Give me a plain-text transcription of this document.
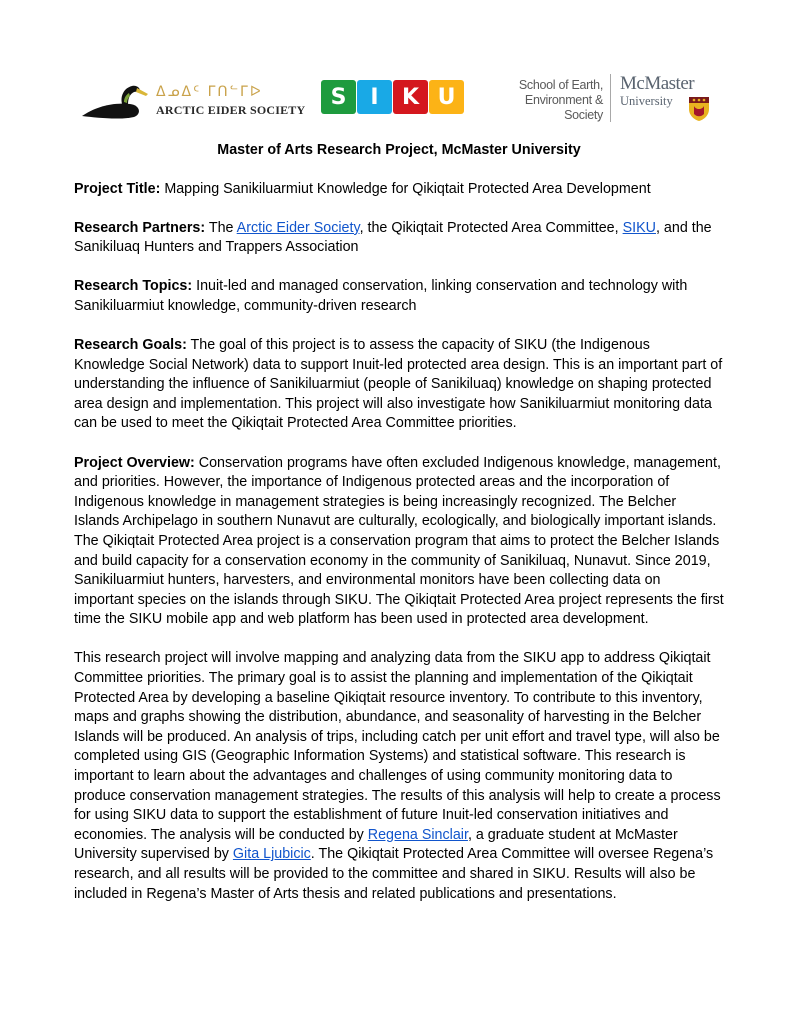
ᐃᓄᐃᑦ ᒥᑎᓪᒥᐅ
ARCTIC EIDER SOCIETY
S	I	K U	School of Earth,
Environment & Society
McMaster
University
Master of Arts Research Project, McMaster University

Project Title: Mapping Sanikiluarmiut Knowledge for Qikiqtait Protected Area Development

Research Partners: The Arctic Eider Society, the Qikiqtait Protected Area Committee, SIKU, and the Sanikiluaq Hunters and Trappers Association

Research Topics: Inuit-led and managed conservation, linking conservation and technology with Sanikiluarmiut knowledge, community-driven research

Research Goals: The goal of this project is to assess the capacity of SIKU (the Indigenous Knowledge Social Network) data to support Inuit-led protected area design. This is an important part of understanding the influence of Sanikiluarmiut (people of Sanikiluaq) knowledge on shaping protected area design and implementation. This project will also investigate how Sanikiluarmiut monitoring data can be used to meet the Qikiqtait Protected Area Committee priorities.

Project Overview: Conservation programs have often excluded Indigenous knowledge, management, and priorities. However, the importance of Indigenous protected areas and the incorporation of Indigenous knowledge in management strategies is being increasingly recognized. The Belcher Islands Archipelago in southern Nunavut are culturally, ecologically, and biologically important islands. The Qikiqtait Protected Area project is a conservation program that aims to protect the Belcher Islands and build capacity for a conservation economy in the community of Sanikiluaq, Nunavut. Since 2019, Sanikiluarmiut hunters, harvesters, and environmental monitors have been collecting data on important species on the islands through SIKU. The Qikiqtait Protected Area project represents the first time the SIKU mobile app and web platform has been used in protected area development.

This research project will involve mapping and analyzing data from the SIKU app to address Qikiqtait Committee priorities. The primary goal is to assist the planning and implementation of the Qikiqtait Protected Area by developing a baseline Qikiqtait resource inventory. To contribute to this inventory, maps and graphs showing the distribution, abundance, and seasonality of harvesting in the Belcher Islands will be produced. An analysis of trips, including catch per unit effort and travel type, will also be completed using GIS (Geographic Information Systems) and statistical software. This research is important to learn about the advantages and challenges of using community monitoring data to produce conservation management strategies. The results of this analysis will help to create a process for using SIKU data to support the establishment of future Inuit-led conservation initiatives and economies. The analysis will be conducted by Regena Sinclair, a graduate student at McMaster University supervised by Gita Ljubicic. The Qikiqtait Protected Area Committee will oversee Regena’s research, and all results will be provided to the committee and shared in SIKU. Results will also be included in Regena’s Master of Arts thesis and related publications and presentations.
